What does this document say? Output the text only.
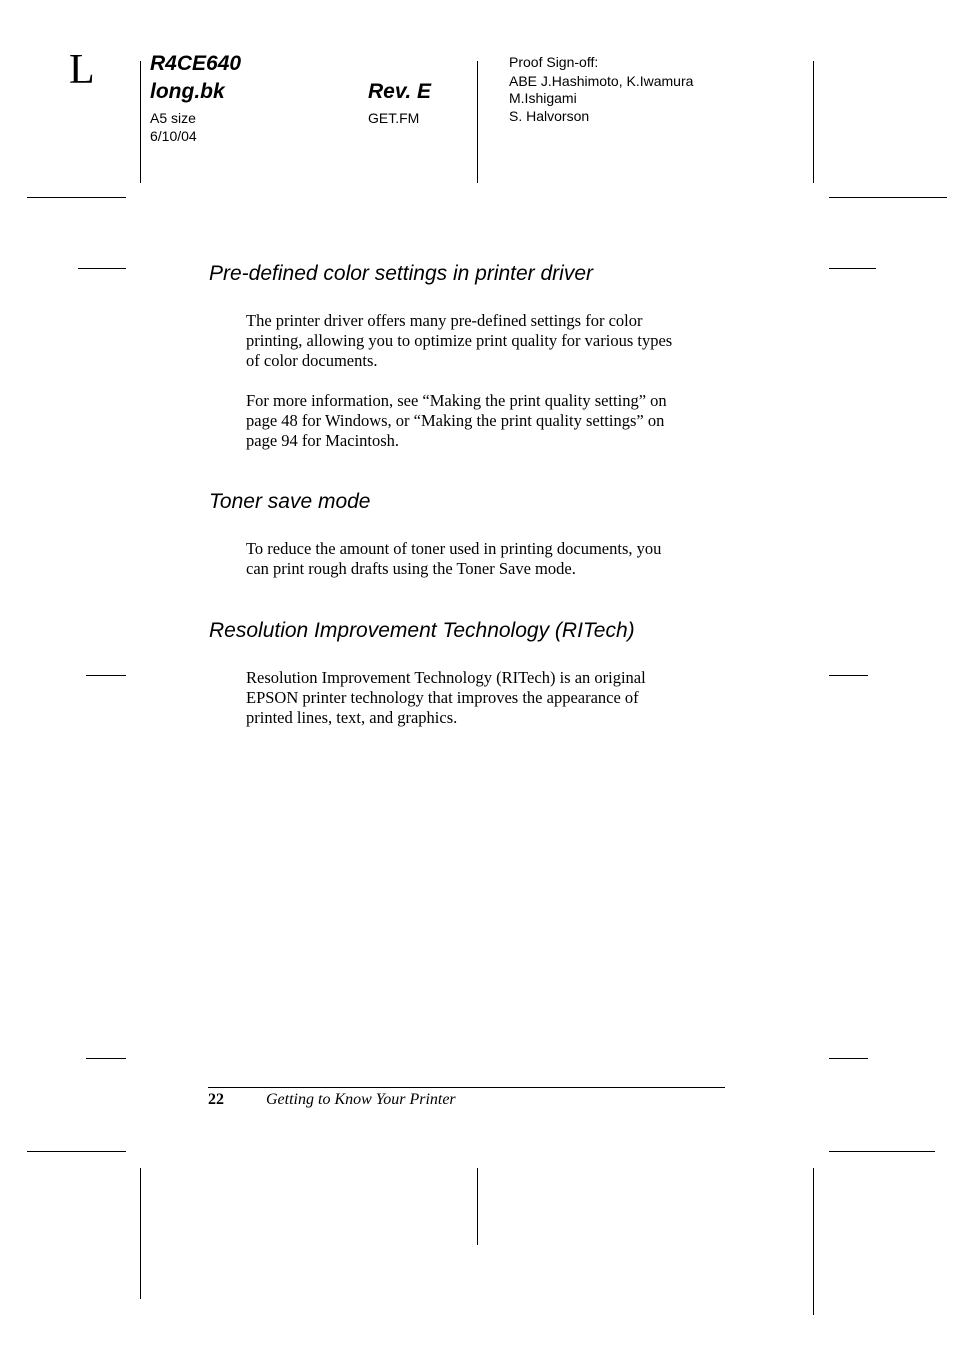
L	R4CE640
long.bk	Rev. E
A5 size
6/10/04
GET.FM
Proof Sign-off:
ABE J.Hashimoto, K.Iwamura
M.Ishigami
S. Halvorson
Pre-defined color settings in printer driver

The printer driver offers many pre-defined settings for color

printing, allowing you to optimize print quality for various types

of color documents.

For more information, see “Making the print quality setting” on

page 48 for Windows, or “Making the print quality settings” on

page 94 for Macintosh.

Toner save mode

To reduce the amount of toner used in printing documents, you

can print rough drafts using the Toner Save mode.

Resolution Improvement Technology (RITech)

Resolution Improvement Technology (RITech) is an original

EPSON printer technology that improves the appearance of

printed lines, text, and graphics.

22	Getting to Know Your Printer
